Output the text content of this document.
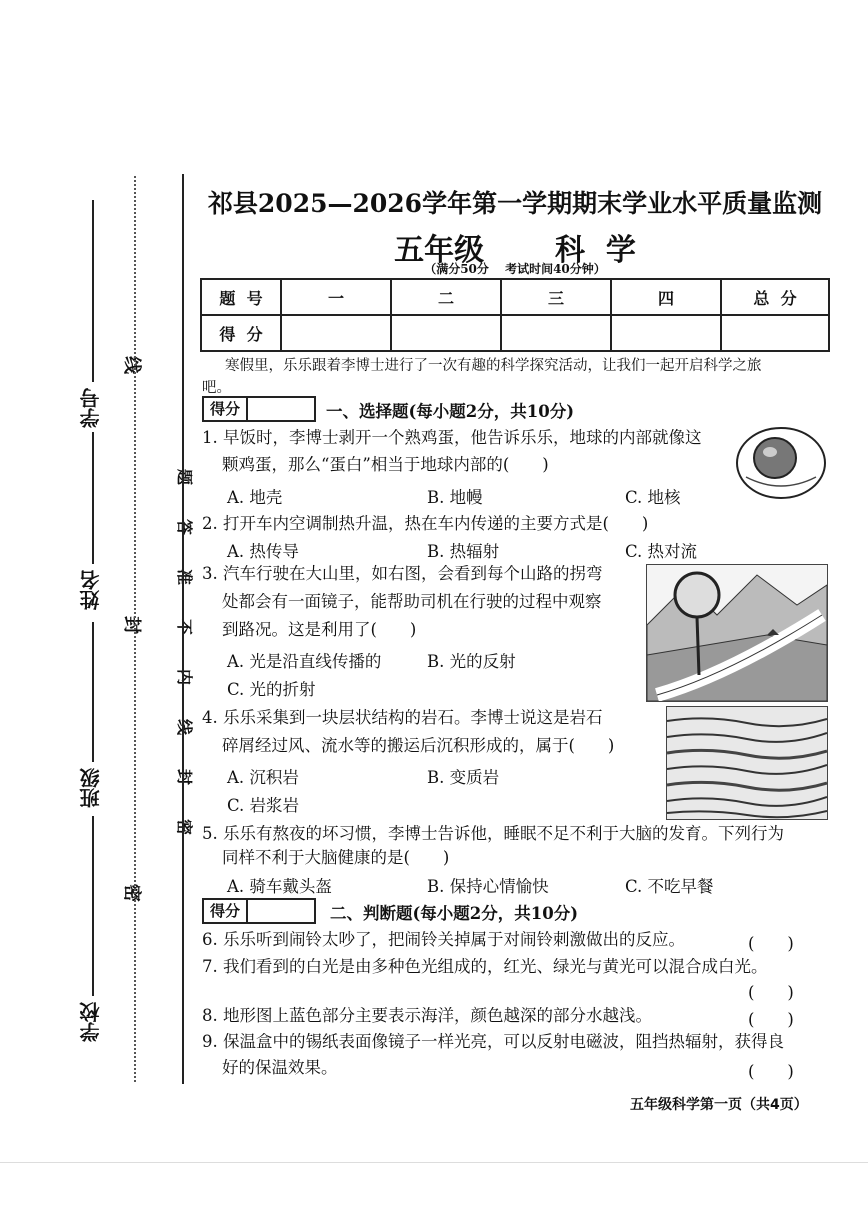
学号
姓名
班级
学校
线
封
密
题
答
准
不
内
线
封
密
祁县2025—2026学年第一学期期末学业水平质量监测
五年级 科  学
（满分50分　 考试时间40分钟）
题  号	一	二	三	四	总  分
得  分					
寒假里，乐乐跟着李博士进行了一次有趣的科学探究活动，让我们一起开启科学之旅
吧。
得分	一、选择题(每小题2分，共10分)
1. 早饭时，李博士剥开一个熟鸡蛋，他告诉乐乐，地球的内部就像这
颗鸡蛋，那么“蛋白”相当于地球内部的(　　)
A. 地壳	B. 地幔	C. 地核
2. 打开车内空调制热升温，热在车内传递的主要方式是(　　)
A. 热传导	B. 热辐射	C. 热对流
3. 汽车行驶在大山里，如右图，会看到每个山路的拐弯
处都会有一面镜子，能帮助司机在行驶的过程中观察
到路况。这是利用了(　　)
A. 光是沿直线传播的	B. 光的反射
C. 光的折射
4. 乐乐采集到一块层状结构的岩石。李博士说这是岩石
碎屑经过风、流水等的搬运后沉积形成的，属于(　　)
A. 沉积岩	B. 变质岩
C. 岩浆岩
5. 乐乐有熬夜的坏习惯，李博士告诉他，睡眠不足不利于大脑的发育。下列行为
同样不利于大脑健康的是(　　)
A. 骑车戴头盔	B. 保持心情愉快	C. 不吃早餐
得分	二、判断题(每小题2分，共10分)
6. 乐乐听到闹铃太吵了，把闹铃关掉属于对闹铃刺激做出的反应。	(　　)
7. 我们看到的白光是由多种色光组成的，红光、绿光与黄光可以混合成白光。
(　　)
8. 地形图上蓝色部分主要表示海洋，颜色越深的部分水越浅。	(　　)
9. 保温盒中的锡纸表面像镜子一样光亮，可以反射电磁波，阻挡热辐射，获得良
好的保温效果。	(　　)
五年级科学第一页（共4页）
